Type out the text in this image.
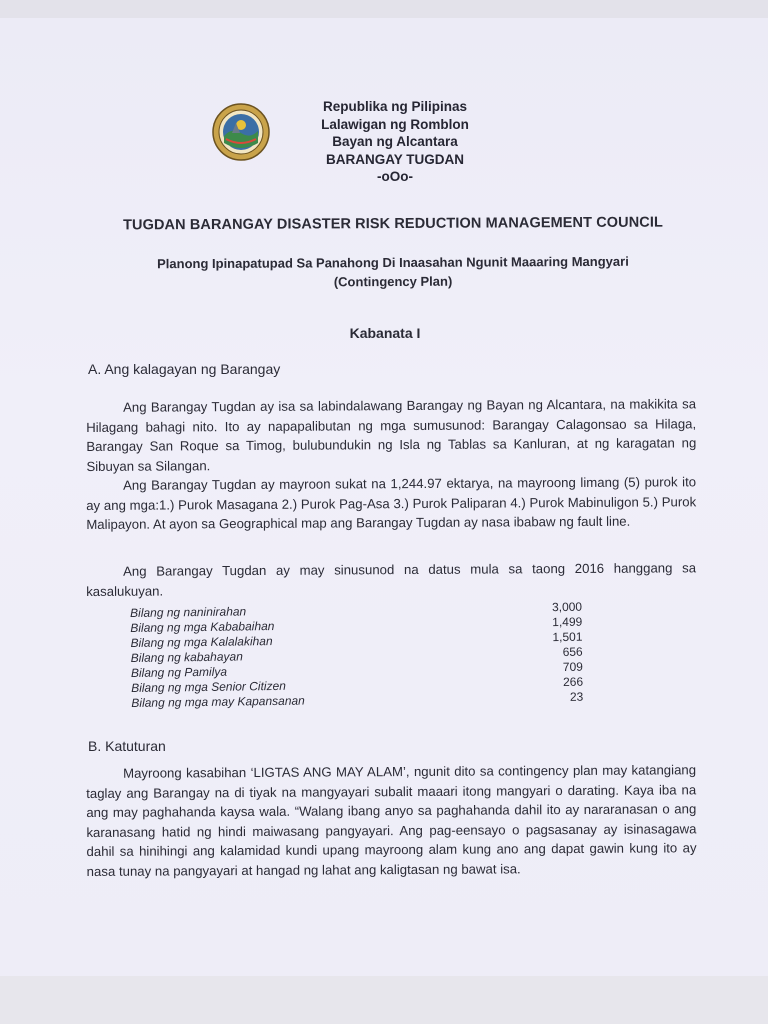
Republika ng Pilipinas
Lalawigan ng Romblon
Bayan ng Alcantara
BARANGAY TUGDAN
-oOo-
TUGDAN BARANGAY DISASTER RISK REDUCTION MANAGEMENT COUNCIL
Planong Ipinapatupad Sa Panahong Di Inaasahan Ngunit Maaaring Mangyari
(Contingency Plan)
Kabanata I
A. Ang kalagayan ng Barangay
Ang Barangay Tugdan ay isa sa labindalawang Barangay ng Bayan ng Alcantara, na makikita sa Hilagang bahagi nito. Ito ay napapalibutan ng mga sumusunod: Barangay Calagonsao sa Hilaga, Barangay San Roque sa Timog, bulubundukin ng Isla ng Tablas sa Kanluran, at ng karagatan ng Sibuyan sa Silangan.
Ang Barangay Tugdan ay mayroon sukat na 1,244.97 ektarya, na mayroong limang (5) purok ito ay ang mga:1.) Purok Masagana 2.) Purok Pag-Asa 3.) Purok Paliparan 4.) Purok Mabinuligon 5.) Purok Malipayon. At ayon sa Geographical map ang Barangay Tugdan ay nasa ibabaw ng fault line.
Ang Barangay Tugdan ay may sinusunod na datus mula sa taong 2016 hanggang sa kasalukuyan.
Bilang ng naninirahan	3,000
Bilang ng mga Kababaihan	1,499
Bilang ng mga Kalalakihan	1,501
Bilang ng kabahayan	656
Bilang ng Pamilya	709
Bilang ng mga Senior Citizen	266
Bilang ng mga may Kapansanan	23
B. Katuturan
Mayroong kasabihan ‘LIGTAS ANG MAY ALAM’, ngunit dito sa contingency plan may katangiang taglay ang Barangay na di tiyak na mangyayari subalit maaari itong mangyari o darating. Kaya iba na ang may paghahanda kaysa wala. “Walang ibang anyo sa paghahanda dahil ito ay nararanasan o ang karanasang hatid ng hindi maiwasang pangyayari. Ang pag-eensayo o pagsasanay ay isinasagawa dahil sa hinihingi ang kalamidad kundi upang mayroong alam kung ano ang dapat gawin kung ito ay nasa tunay na pangyayari at hangad ng lahat ang kaligtasan ng bawat isa.
